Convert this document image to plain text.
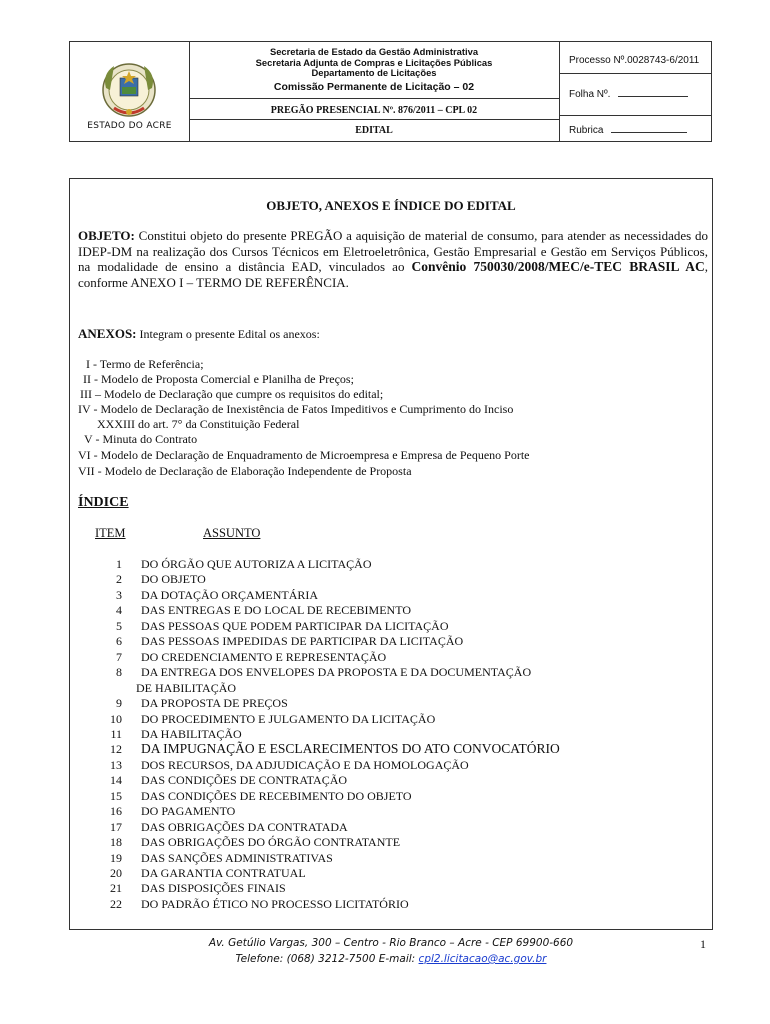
ESTADO DO ACRE
Secretaria de Estado da Gestão Administrativa
Secretaria Adjunta de Compras e Licitações Públicas
Departamento de Licitações
Comissão Permanente de Licitação – 02
PREGÃO PRESENCIAL Nº. 876/2011 – CPL 02
EDITAL
Processo Nº.0028743-6/2011
Folha Nº.
Rubrica
OBJETO, ANEXOS E ÍNDICE DO EDITAL
OBJETO: Constitui objeto do presente PREGÃO a aquisição de material de consumo, para atender as necessidades do IDEP-DM na realização dos Cursos Técnicos em Eletroeletrônica, Gestão Empresarial e Gestão em Serviços Públicos, na modalidade de ensino a distância EAD, vinculados ao Convênio 750030/2008/MEC/e-TEC BRASIL AC, conforme ANEXO I – TERMO DE REFERÊNCIA.
ANEXOS: Integram o presente Edital os anexos:
I - Termo de Referência;
II - Modelo de Proposta Comercial e Planilha de Preços;
III – Modelo de Declaração que cumpre os requisitos do edital;
IV - Modelo de Declaração de Inexistência de Fatos Impeditivos e Cumprimento do Inciso
XXXIII do art. 7° da Constituição Federal
V - Minuta do Contrato
VI - Modelo de Declaração de Enquadramento de Microempresa e Empresa de Pequeno Porte
VII - Modelo de Declaração de Elaboração Independente de Proposta
ÍNDICE
ITEM	ASSUNTO
1 DO ÓRGÃO QUE AUTORIZA A LICITAÇÃO
2 DO OBJETO
3 DA DOTAÇÃO ORÇAMENTÁRIA
4 DAS ENTREGAS E DO LOCAL DE RECEBIMENTO
5 DAS PESSOAS QUE PODEM PARTICIPAR DA LICITAÇÃO
6 DAS PESSOAS IMPEDIDAS DE PARTICIPAR DA LICITAÇÃO
7 DO CREDENCIAMENTO E REPRESENTAÇÃO
8 DA ENTREGA DOS ENVELOPES DA PROPOSTA E DA DOCUMENTAÇÃO
DE HABILITAÇÃO
9 DA PROPOSTA DE PREÇOS
10 DO PROCEDIMENTO E JULGAMENTO DA LICITAÇÃO
11 DA HABILITAÇÃO
12 DA IMPUGNAÇÃO E ESCLARECIMENTOS DO ATO CONVOCATÓRIO
13 DOS RECURSOS, DA ADJUDICAÇÃO E DA HOMOLOGAÇÃO
14 DAS CONDIÇÕES DE CONTRATAÇÃO
15 DAS CONDIÇÕES DE RECEBIMENTO DO OBJETO
16 DO PAGAMENTO
17 DAS OBRIGAÇÕES DA CONTRATADA
18 DAS OBRIGAÇÕES DO ÓRGÃO CONTRATANTE
19 DAS SANÇÕES ADMINISTRATIVAS
20 DA GARANTIA CONTRATUAL
21 DAS DISPOSIÇÕES FINAIS
22 DO PADRÃO ÉTICO NO PROCESSO LICITATÓRIO
Av. Getúlio Vargas, 300 – Centro - Rio Branco – Acre - CEP 69900-660
Telefone: (068) 3212-7500 E-mail: cpl2.licitacao@ac.gov.br
1
